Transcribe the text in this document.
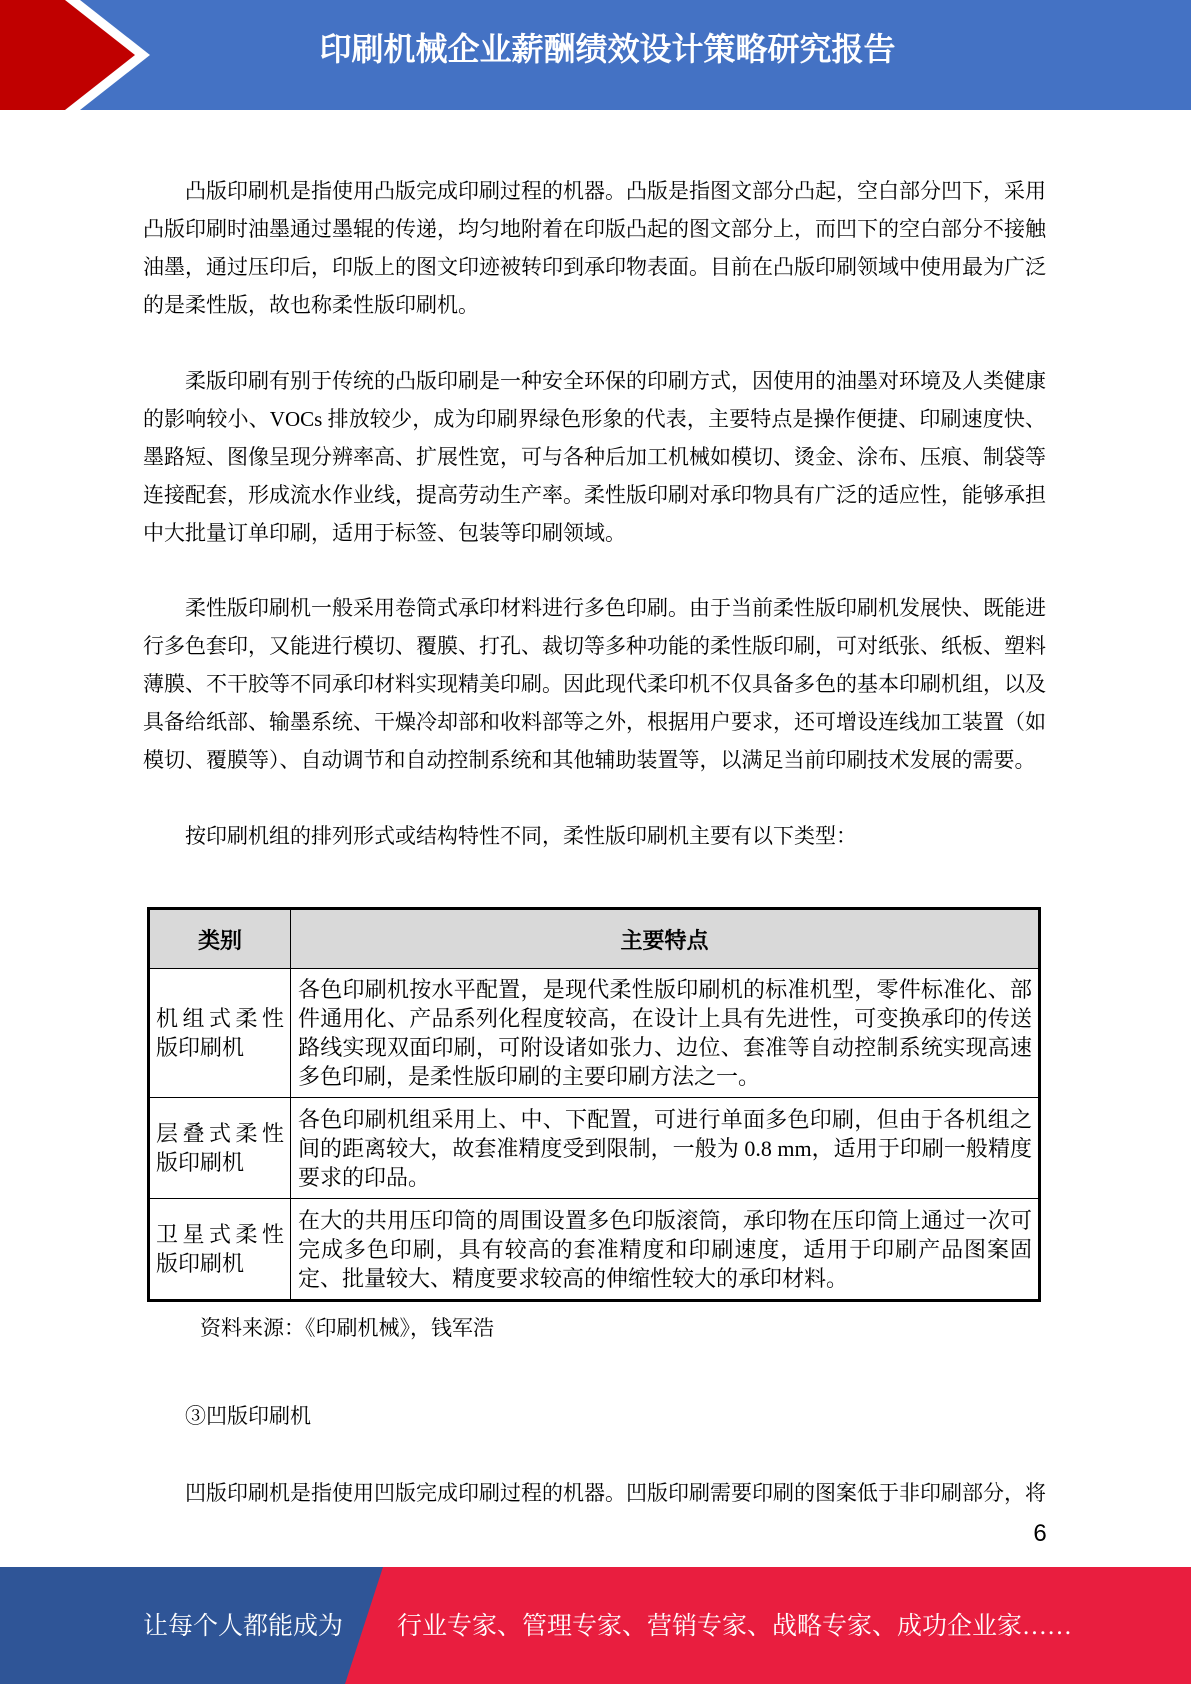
印刷机械企业薪酬绩效设计策略研究报告

凸版印刷机是指使用凸版完成印刷过程的机器。凸版是指图文部分凸起，空白部分凹下，采用凸版印刷时油墨通过墨辊的传递，均匀地附着在印版凸起的图文部分上，而凹下的空白部分不接触油墨，通过压印后，印版上的图文印迹被转印到承印物表面。目前在凸版印刷领域中使用最为广泛的是柔性版，故也称柔性版印刷机。

柔版印刷有别于传统的凸版印刷是一种安全环保的印刷方式，因使用的油墨对环境及人类健康的影响较小、VOCs 排放较少，成为印刷界绿色形象的代表，主要特点是操作便捷、印刷速度快、墨路短、图像呈现分辨率高、扩展性宽，可与各种后加工机械如模切、烫金、涂布、压痕、制袋等连接配套，形成流水作业线，提高劳动生产率。柔性版印刷对承印物具有广泛的适应性，能够承担中大批量订单印刷，适用于标签、包装等印刷领域。

柔性版印刷机一般采用卷筒式承印材料进行多色印刷。由于当前柔性版印刷机发展快、既能进行多色套印，又能进行模切、覆膜、打孔、裁切等多种功能的柔性版印刷，可对纸张、纸板、塑料薄膜、不干胶等不同承印材料实现精美印刷。因此现代柔印机不仅具备多色的基本印刷机组，以及具备给纸部、输墨系统、干燥冷却部和收料部等之外，根据用户要求，还可增设连线加工装置（如模切、覆膜等）、自动调节和自动控制系统和其他辅助装置等，以满足当前印刷技术发展的需要。

按印刷机组的排列形式或结构特性不同，柔性版印刷机主要有以下类型：

类别	主要特点
机组式柔性版印刷机	各色印刷机按水平配置，是现代柔性版印刷机的标准机型，零件标准化、部件通用化、产品系列化程度较高，在设计上具有先进性，可变换承印的传送路线实现双面印刷，可附设诸如张力、边位、套准等自动控制系统实现高速多色印刷，是柔性版印刷的主要印刷方法之一。
层叠式柔性版印刷机	各色印刷机组采用上、中、下配置，可进行单面多色印刷，但由于各机组之间的距离较大，故套准精度受到限制，一般为 0.8 mm，适用于印刷一般精度要求的印品。
卫星式柔性版印刷机	在大的共用压印筒的周围设置多色印版滚筒，承印物在压印筒上通过一次可完成多色印刷，具有较高的套准精度和印刷速度，适用于印刷产品图案固定、批量较大、精度要求较高的伸缩性较大的承印材料。
资料来源：《印刷机械》，钱军浩
③凹版印刷机

凹版印刷机是指使用凹版完成印刷过程的机器。凹版印刷需要印刷的图案低于非印刷部分，将

6
让每个人都能成为 行业专家、管理专家、营销专家、战略专家、成功企业家……
